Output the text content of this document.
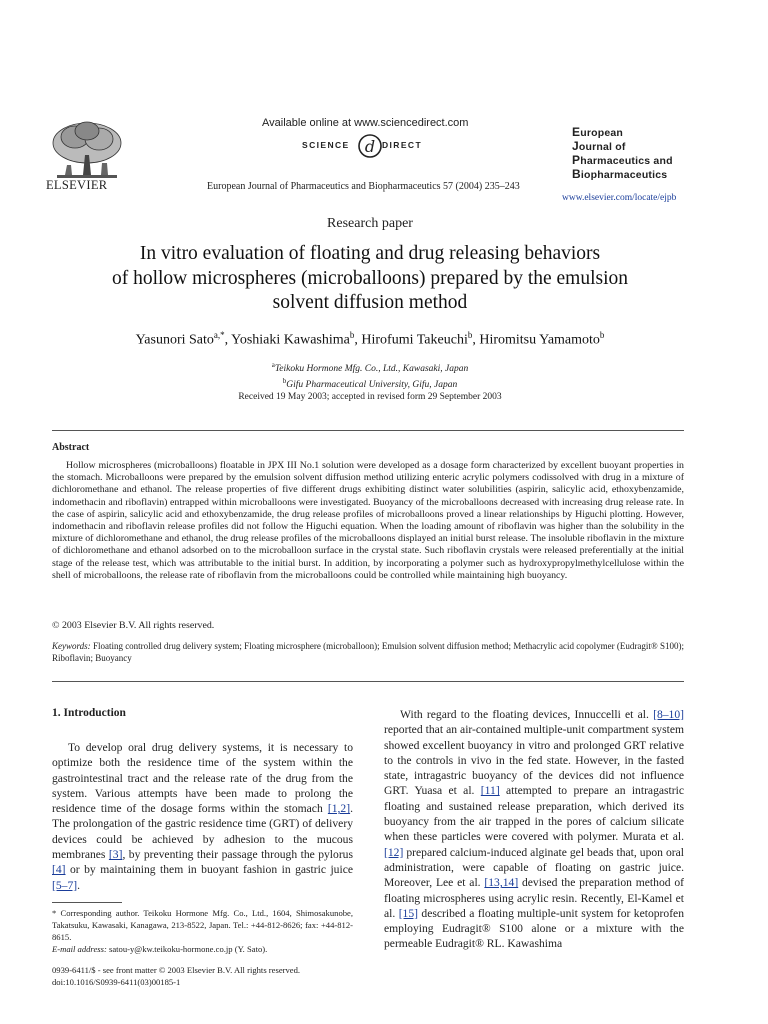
ELSEVIER
Available online at www.sciencedirect.com
d
SCIENCE	DIRECT
European Journal of Pharmaceutics and Biopharmaceutics 57 (2004) 235–243
European
Journal of
Pharmaceutics and
Biopharmaceutics
www.elsevier.com/locate/ejpb
Research paper
In vitro evaluation of floating and drug releasing behaviors
of hollow microspheres (microballoons) prepared by the emulsion
solvent diffusion method
Yasunori Sato$^{a,*}$, Yoshiaki Kawashima$^b$, Hirofumi Takeuchi$^b$, Hiromitsu Yamamoto$^b$
$^a$Teikoku Hormone Mfg. Co., Ltd., Kawasaki, Japan
$^b$Gifu Pharmaceutical University, Gifu, Japan
Received 19 May 2003; accepted in revised form 29 September 2003
Abstract
Hollow microspheres (microballoons) floatable in JPX III No.1 solution were developed as a dosage form characterized by excellent buoyant properties in the stomach. Microballoons were prepared by the emulsion solvent diffusion method utilizing enteric acrylic polymers codissolved with drug in a mixture of dichloromethane and ethanol. The release properties of five different drugs exhibiting distinct water solubilities (aspirin, salicylic acid, ethoxybenzamide, indomethacin and riboflavin) entrapped within microballoons were investigated. Buoyancy of the microballoons decreased with increasing drug release rate. In the case of aspirin, salicylic acid and ethoxybenzamide, the drug release profiles of microballoons proved a linear relationships by Higuchi plotting. However, indomethacin and riboflavin release profiles did not follow the Higuchi equation. When the loading amount of riboflavin was higher than the solubility in the mixture of dichloromethane and ethanol, the drug release profiles of the microballoons displayed an initial burst release. The insoluble riboflavin in the mixture of dichloromethane and ethanol adsorbed on to the microballoon surface in the crystal state. Such riboflavin crystals were released preferentially at the initial stage of the release test, which was attributable to the initial burst. In addition, by incorporating a polymer such as hydroxypropylmethylcellulose within the shell of microballoons, the release rate of riboflavin from the microballoons could be controlled while maintaining high buoyancy.
© 2003 Elsevier B.V. All rights reserved.
Keywords: Floating controlled drug delivery system; Floating microsphere (microballoon); Emulsion solvent diffusion method; Methacrylic acid copolymer (Eudragit® S100); Riboflavin; Buoyancy
1. Introduction
To develop oral drug delivery systems, it is necessary to optimize both the residence time of the system within the gastrointestinal tract and the release rate of the drug from the system. Various attempts have been made to prolong the residence time of the dosage forms within the stomach [1,2]. The prolongation of the gastric residence time (GRT) of delivery devices could be achieved by adhesion to the mucous membranes [3], by preventing their passage through the pylorus [4] or by maintaining them in buoyant fashion in gastric juice [5–7].
With regard to the floating devices, Innuccelli et al. [8–10] reported that an air-contained multiple-unit compartment system showed excellent buoyancy in vitro and prolonged GRT relative to the controls in vivo in the fed state. However, in the fasted state, intragastric buoyancy of the devices did not influence GRT. Yuasa et al. [11] attempted to prepare an intragastric floating and sustained release preparation, which derived its buoyancy from the air trapped in the pores of calcium silicate when these particles were covered with polymer. Murata et al. [12] prepared calcium-induced alginate gel beads that, upon oral administration, were capable of floating on gastric juice. Moreover, Lee et al. [13,14] devised the preparation method of floating microspheres using acrylic resin. Recently, El-Kamel et al. [15] described a floating multiple-unit system for ketoprofen employing Eudragit® S100 alone or a mixture with the permeable Eudragit® RL. Kawashima
* Corresponding author. Teikoku Hormone Mfg. Co., Ltd., 1604, Shimosakunobe, Takatsuku, Kawasaki, Kanagawa, 213-8522, Japan. Tel.: +44-812-8626; fax: +44-812-8615.
E-mail address: satou-y@kw.teikoku-hormone.co.jp (Y. Sato).
0939-6411/$ - see front matter © 2003 Elsevier B.V. All rights reserved.
doi:10.1016/S0939-6411(03)00185-1
